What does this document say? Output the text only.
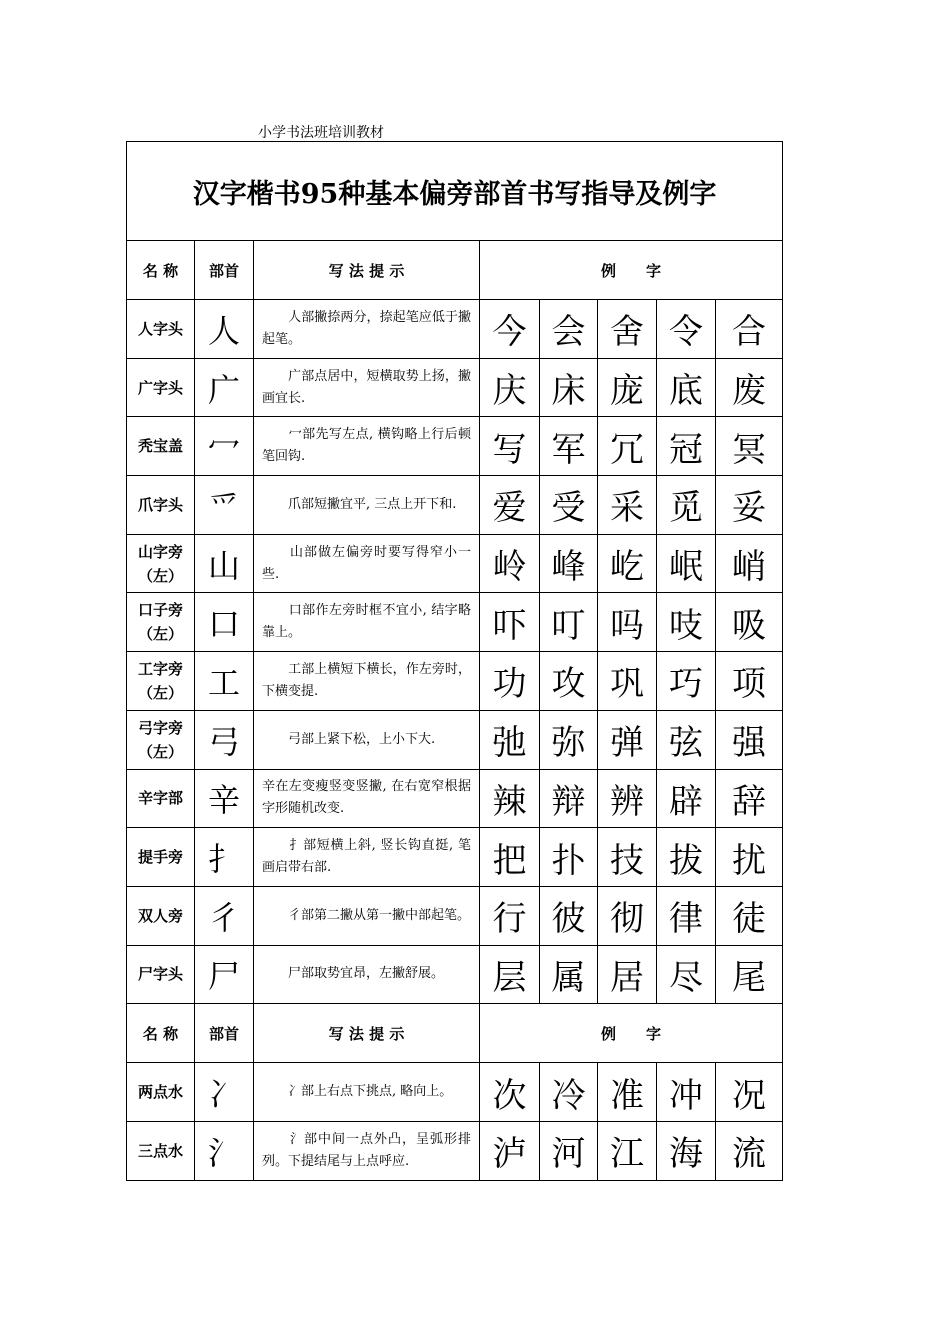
小学书法班培训教材
汉字楷书95种基本偏旁部首书写指导及例字							
名 称	部首	写 法 提 示	例　　字				
人字头	人	　　人部撇捺两分，捺起笔应低于撇起笔。	今	会	舍	令	合
广字头	广	　　广部点居中，短横取势上扬，撇画宜长.	庆	床	庞	底	废
秃宝盖	冖	　　冖部先写左点, 横钩略上行后顿笔回钩.	写	军	冗	冠	冥
爪字头	爫	　　爪部短撇宜平, 三点上开下和.	爱	受	采	觅	妥
山字旁（左）	山	　　山部做左偏旁时要写得窄小一些.	岭	峰	屹	岷	峭
口子旁（左）	口	　　口部作左旁时框不宜小, 结字略靠上。	吓	叮	吗	吱	吸
工字旁（左）	工	　　工部上横短下横长，作左旁时，下横变提.	功	攻	巩	巧	项
弓字旁（左）	弓	　　弓部上紧下松，上小下大.	弛	弥	弹	弦	强
辛字部	辛	辛在左变瘦竖变竖撇, 在右宽窄根据字形随机改变.	辣	辩	辨	辟	辞
提手旁	扌	　　扌部短横上斜, 竖长钩直挺, 笔画启带右部.	把	扑	技	拔	扰
双人旁	彳	　　彳部第二撇从第一撇中部起笔。	行	彼	彻	律	徒
尸字头	尸	　　尸部取势宜昂，左撇舒展。	层	属	居	尽	尾
名 称	部首	写 法 提 示	例　　字				
两点水	冫	　　冫部上右点下挑点, 略向上。	次	冷	准	冲	况
三点水	氵	　　氵部中间一点外凸，呈弧形排列。下提结尾与上点呼应.	泸	河	江	海	流
